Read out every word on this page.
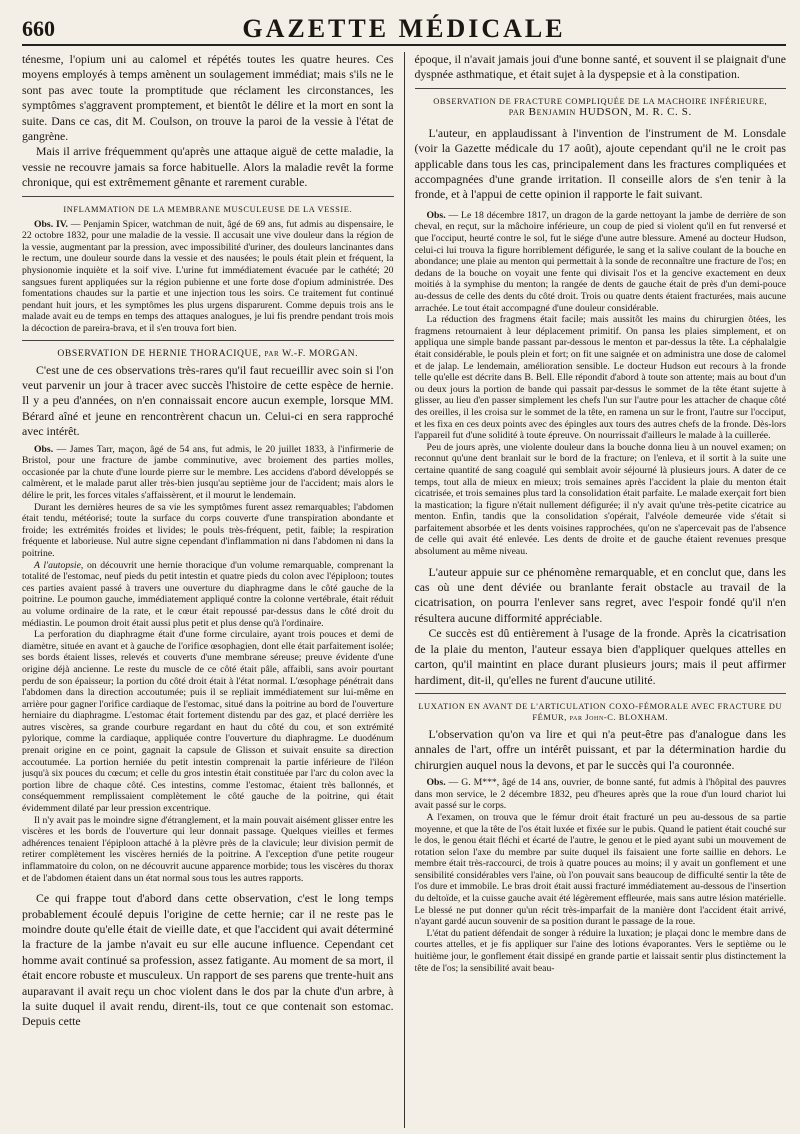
660	GAZETTE MÉDICALE

ténesme, l'opium uni au calomel et répétés toutes les quatre heures. Ces moyens employés à temps amènent un soulagement immédiat; mais s'ils ne le sont pas avec toute la promptitude que réclament les circonstances, les symptômes s'aggravent promptement, et bientôt le délire et la mort en sont la suite. Dans ce cas, dit M. Coulson, on trouve la paroi de la vessie à l'état de gangrène.

Mais il arrive fréquemment qu'après une attaque aiguë de cette maladie, la vessie ne recouvre jamais sa force habituelle. Alors la maladie revêt la forme chronique, qui est extrêmement gênante et rarement curable.

INFLAMMATION DE LA MEMBRANE MUSCULEUSE DE LA VESSIE.

Obs. IV. — Penjamin Spicer, watchman de nuit, âgé de 69 ans, fut admis au dispensaire, le 22 octobre 1832, pour une maladie de la vessie. Il accusait une vive douleur dans la région de la vessie, augmentant par la pression, avec impossibilité d'uriner, des douleurs lancinantes dans le rectum, une douleur sourde dans la vessie et des nausées; le pouls était plein et fréquent, la physionomie inquiète et la soif vive. L'urine fut immédiatement évacuée par le cathété; 20 sangsues furent appliquées sur la région pubienne et une forte dose d'opium administrée. Des fomentations chaudes sur la partie et une injection tous les soirs. Ce traitement fut continué pendant huit jours, et les symptômes les plus urgens disparurent. Comme depuis trois ans le malade avait eu de temps en temps des attaques analogues, je lui fis prendre pendant trois mois la décoction de pareira-brava, et il s'en trouva fort bien.

OBSERVATION DE HERNIE THORACIQUE, par W.-F. MORGAN.

C'est une de ces observations très-rares qu'il faut recueillir avec soin si l'on veut parvenir un jour à tracer avec succès l'histoire de cette espèce de hernie. Il y a peu d'années, on n'en connaissait encore aucun exemple, lorsque MM. Bérard aîné et jeune en rencontrèrent chacun un. Celui-ci en sera rapproché avec intérêt.

Obs. — James Tarr, maçon, âgé de 54 ans, fut admis, le 20 juillet 1833, à l'infirmerie de Bristol, pour une fracture de jambe comminutive, avec broiement des parties molles, occasionée par la chute d'une lourde pierre sur le membre. Les accidens d'abord développés se calmèrent, et le malade parut aller très-bien jusqu'au septième jour de l'accident; mais alors le délire le prit, les forces vitales s'affaissèrent, et il mourut le lendemain.

Durant les dernières heures de sa vie les symptômes furent assez remarquables; l'abdomen était tendu, météorisé; toute la surface du corps couverte d'une transpiration abondante et froide; les extrémités froides et livides; le pouls très-fréquent, petit, faible; la respiration fréquente et laborieuse. Nul autre signe cependant d'inflammation ni dans l'abdomen ni dans la poitrine.

A l'autopsie, on découvrit une hernie thoracique d'un volume remarquable, comprenant la totalité de l'estomac, neuf pieds du petit intestin et quatre pieds du colon avec l'épiploon; toutes ces parties avaient passé à travers une ouverture du diaphragme dans le côté gauche de la poitrine. Le poumon gauche, immédiatement appliqué contre la colonne vertébrale, était réduit au volume ordinaire de la rate, et le cœur était repoussé par-dessus dans le côté droit du médiastin. Le poumon droit était aussi plus petit et plus dense qu'à l'ordinaire.

La perforation du diaphragme était d'une forme circulaire, ayant trois pouces et demi de diamètre, située en avant et à gauche de l'orifice œsophagien, dont elle était parfaitement isolée; ses bords étaient lisses, relevés et couverts d'une membrane séreuse; preuve évidente d'une origine déjà ancienne. Le reste du muscle de ce côté était pâle, affaibli, sans avoir pourtant perdu de son épaisseur; la portion du côté droit était à l'état normal. L'œsophage pénétrait dans l'abdomen dans la direction accoutumée; puis il se repliait immédiatement sur lui-même en arrière pour gagner l'orifice cardiaque de l'estomac, situé dans la poitrine au bord de l'ouverture herniaire du diaphragme. L'estomac était fortement distendu par des gaz, et placé derrière les autres viscères, sa grande courbure regardant en haut du côté du cou, et son extrémité pylorique, comme la cardiaque, appliquée contre l'ouverture du diaphragme. Le duodénum prenait origine en ce point, gagnait la capsule de Glisson et suivait ensuite sa direction accoutumée. La portion herniée du petit intestin comprenait la partie inférieure de l'iléon jusqu'à six pouces du cœcum; et celle du gros intestin était constituée par l'arc du colon avec la portion libre de chaque côté. Ces intestins, comme l'estomac, étaient très ballonnés, et conséquemment remplissaient complètement le côté gauche de la poitrine, qui était évidemment dilaté par leur pression excentrique.

Il n'y avait pas le moindre signe d'étranglement, et la main pouvait aisément glisser entre les viscères et les bords de l'ouverture qui leur donnait passage. Quelques vieilles et fermes adhérences tenaient l'épiploon attaché à la plèvre près de la clavicule; leur division permit de retirer complètement les viscères herniés de la poitrine. A l'exception d'une petite rougeur inflammatoire du colon, on ne découvrit aucune apparence morbide; tous les viscères du thorax et de l'abdomen étaient dans un état normal sous tous les autres rapports.

Ce qui frappe tout d'abord dans cette observation, c'est le long temps probablement écoulé depuis l'origine de cette hernie; car il ne reste pas le moindre doute qu'elle était de vieille date, et que l'accident qui avait déterminé la fracture de la jambe n'avait eu sur elle aucune influence. Cependant cet homme avait continué sa profession, assez fatigante. Au moment de sa mort, il était encore robuste et musculeux. Un rapport de ses parens que trente-huit ans auparavant il avait reçu un choc violent dans le dos par la chute d'un arbre, à la suite duquel il avait rendu, dirent-ils, tout ce que contenait son estomac. Depuis cette

époque, il n'avait jamais joui d'une bonne santé, et souvent il se plaignait d'une dyspnée asthmatique, et était sujet à la dyspepsie et à la constipation.

OBSERVATION DE FRACTURE COMPLIQUÉE DE LA MACHOIRE INFÉRIEURE,
par Benjamin HUDSON, M. R. C. S.

L'auteur, en applaudissant à l'invention de l'instrument de M. Lonsdale (voir la Gazette médicale du 17 août), ajoute cependant qu'il ne le croit pas applicable dans tous les cas, principalement dans les fractures compliquées et accompagnées d'une grande irritation. Il conseille alors de s'en tenir à la fronde, et à l'appui de cette opinion il rapporte le fait suivant.

Obs. — Le 18 décembre 1817, un dragon de la garde nettoyant la jambe de derrière de son cheval, en reçut, sur la mâchoire inférieure, un coup de pied si violent qu'il en fut renversé et que l'occiput, heurté contre le sol, fut le siége d'une autre blessure. Amené au docteur Hudson, celui-ci lui trouva la figure horriblement défigurée, le sang et la salive coulant de la bouche en abondance; une plaie au menton qui permettait à la sonde de reconnaître une fracture de l'os; en dedans de la bouche on voyait une fente qui divisait l'os et la gencive exactement en deux moitiés à la symphise du menton; la rangée de dents de gauche était de près d'un demi-pouce au-dessus de celle des dents du côté droit. Trois ou quatre dents étaient fracturées, mais aucune arrachée. Le tout était accompagné d'une douleur considérable.

La réduction des fragmens était facile; mais aussitôt les mains du chirurgien ôtées, les fragmens retournaient à leur déplacement primitif. On pansa les plaies simplement, et on appliqua une simple bande passant par-dessous le menton et par-dessus la tête. La céphalalgie était considérable, le pouls plein et fort; on fit une saignée et on administra une dose de calomel et de jalap. Le lendemain, amélioration sensible. Le docteur Hudson eut recours à la fronde telle qu'elle est décrite dans B. Bell. Elle répondit d'abord à toute son attente; mais au bout d'un ou deux jours la portion de bande qui passait par-dessus le sommet de la tête étant sujette à glisser, au lieu d'en passer simplement les chefs l'un sur l'autre pour les attacher de chaque côté des oreilles, il les croisa sur le sommet de la tête, en ramena un sur le front, l'autre sur l'occiput, et les fixa en ces deux points avec des épingles aux tours des autres chefs de la fronde. Dès-lors l'appareil fut d'une solidité à toute épreuve. On nourrissait d'ailleurs le malade à la cuillerée.

Peu de jours après, une violente douleur dans la bouche donna lieu à un nouvel examen; on reconnut qu'une dent branlait sur le bord de la fracture; on l'enleva, et il sortit à la suite une certaine quantité de sang coagulé qui semblait avoir séjourné là plusieurs jours. A dater de ce temps, tout alla de mieux en mieux; trois semaines après l'accident la plaie du menton était cicatrisée, et trois semaines plus tard la consolidation était parfaite. Le malade exerçait fort bien la mastication; la figure n'était nullement défigurée; il n'y avait qu'une très-petite cicatrice au menton. Enfin, tandis que la consolidation s'opérait, l'alvéole demeurée vide s'était si parfaitement absorbée et les dents voisines rapprochées, qu'on ne s'apercevait pas de l'absence de celle qui avait été enlevée. Les dents de droite et de gauche étaient revenues presque absolument au même niveau.

L'auteur appuie sur ce phénomène remarquable, et en conclut que, dans les cas où une dent déviée ou branlante ferait obstacle au travail de la cicatrisation, on pourra l'enlever sans regret, avec l'espoir fondé qu'il n'en résultera aucune difformité appréciable.

Ce succès est dû entièrement à l'usage de la fronde. Après la cicatrisation de la plaie du menton, l'auteur essaya bien d'appliquer quelques attelles en carton, qu'il maintint en place durant plusieurs jours; mais il peut affirmer hardiment, dit-il, qu'elles ne furent d'aucune utilité.

LUXATION EN AVANT DE L'ARTICULATION COXO-FÉMORALE AVEC FRACTURE DU FÉMUR, par John-C. BLOXHAM.

L'observation qu'on va lire et qui n'a peut-être pas d'analogue dans les annales de l'art, offre un intérêt puissant, et par la détermination hardie du chirurgien auquel nous la devons, et par le succès qui l'a couronnée.

Obs. — G. M***, âgé de 14 ans, ouvrier, de bonne santé, fut admis à l'hôpital des pauvres dans mon service, le 2 décembre 1832, peu d'heures après que la roue d'un lourd chariot lui avait passé sur le corps.

A l'examen, on trouva que le fémur droit était fracturé un peu au-dessous de sa partie moyenne, et que la tête de l'os était luxée et fixée sur le pubis. Quand le patient était couché sur le dos, le genou était fléchi et écarté de l'autre, le genou et le pied ayant subi un mouvement de rotation selon l'axe du membre par suite duquel ils faisaient une forte saillie en dehors. Le membre était très-raccourci, de trois à quatre pouces au moins; il y avait un gonflement et une sensibilité considérables vers l'aine, où l'on pouvait sans beaucoup de difficulté sentir la tête de l'os dure et immobile. Le bras droit était aussi fracturé immédiatement au-dessous de l'insertion du deltoïde, et la cuisse gauche avait été légèrement effleurée, mais sans autre lésion matérielle. Le blessé ne put donner qu'un récit très-imparfait de la manière dont l'accident était arrivé, n'ayant gardé aucun souvenir de sa position durant le passage de la roue.

L'état du patient défendait de songer à réduire la luxation; je plaçai donc le membre dans de courtes attelles, et je fis appliquer sur l'aine des lotions évaporantes. Vers le septième ou le huitième jour, le gonflement était dissipé en grande partie et laissait sentir plus distinctement la tête de l'os; la sensibilité avait beau-
